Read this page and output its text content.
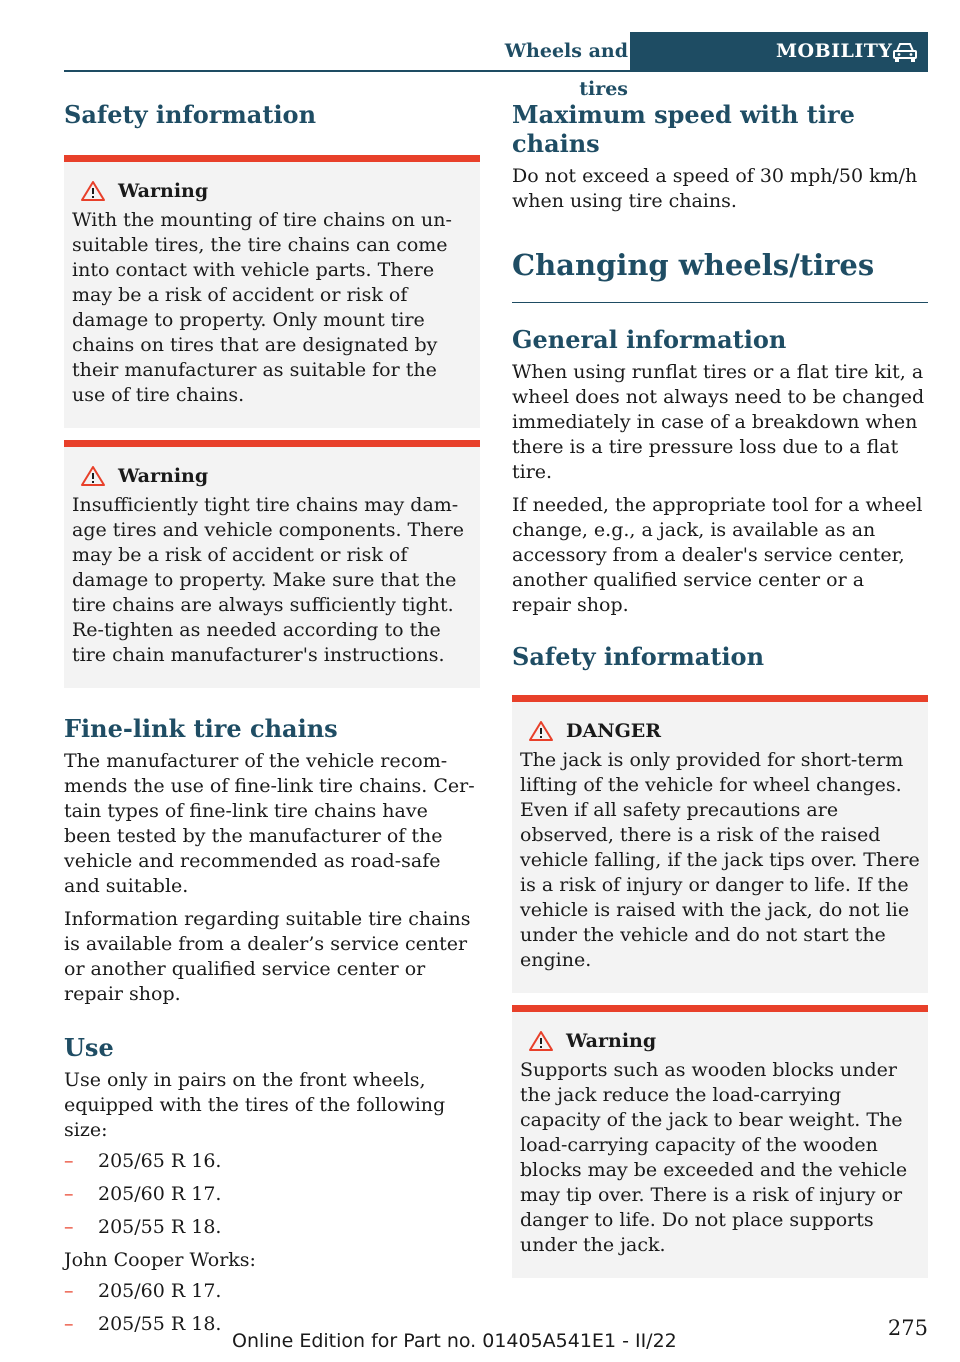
Wheels and tires
MOBILITY
Safety information
Warning

With the mounting of tire chains on unsuitable tires, the tire chains can come into contact with vehicle parts. There may be a risk of accident or risk of damage to property. Only mount tire chains on tires that are designated by their manufacturer as suitable for the use of tire chains.

Warning

Insufficiently tight tire chains may damage tires and vehicle components. There may be a risk of accident or risk of damage to property. Make sure that the tire chains are always sufficiently tight. Re-tighten as needed according to the tire chain manufacturer's instructions.

Fine-link tire chains

The manufacturer of the vehicle recommends the use of fine-link tire chains. Certain types of fine-link tire chains have been tested by the manufacturer of the vehicle and recommended as road-safe and suitable.

Information regarding suitable tire chains is available from a dealer’s service center or another qualified service center or repair shop.

Use

Use only in pairs on the front wheels, equipped with the tires of the following size:

– 205/65 R 16.
– 205/60 R 17.
– 205/55 R 18.

John Cooper Works:

– 205/60 R 17.
– 205/55 R 18.
Maximum speed with tire chains

Do not exceed a speed of 30 mph/50 km/h when using tire chains.

Changing wheels/tires
General information

When using runflat tires or a flat tire kit, a wheel does not always need to be changed immediately in case of a breakdown when there is a tire pressure loss due to a flat tire.

If needed, the appropriate tool for a wheel change, e.g., a jack, is available as an accessory from a dealer's service center, another qualified service center or a repair shop.

Safety information
DANGER

The jack is only provided for short-term lifting of the vehicle for wheel changes. Even if all safety precautions are observed, there is a risk of the raised vehicle falling, if the jack tips over. There is a risk of injury or danger to life. If the vehicle is raised with the jack, do not lie under the vehicle and do not start the engine.

Warning

Supports such as wooden blocks under the jack reduce the load-carrying capacity of the jack to bear weight. The load-carrying capacity of the wooden blocks may be exceeded and the vehicle may tip over. There is a risk of injury or danger to life. Do not place supports under the jack.

275
Online Edition for Part no. 01405A541E1 - II/22
